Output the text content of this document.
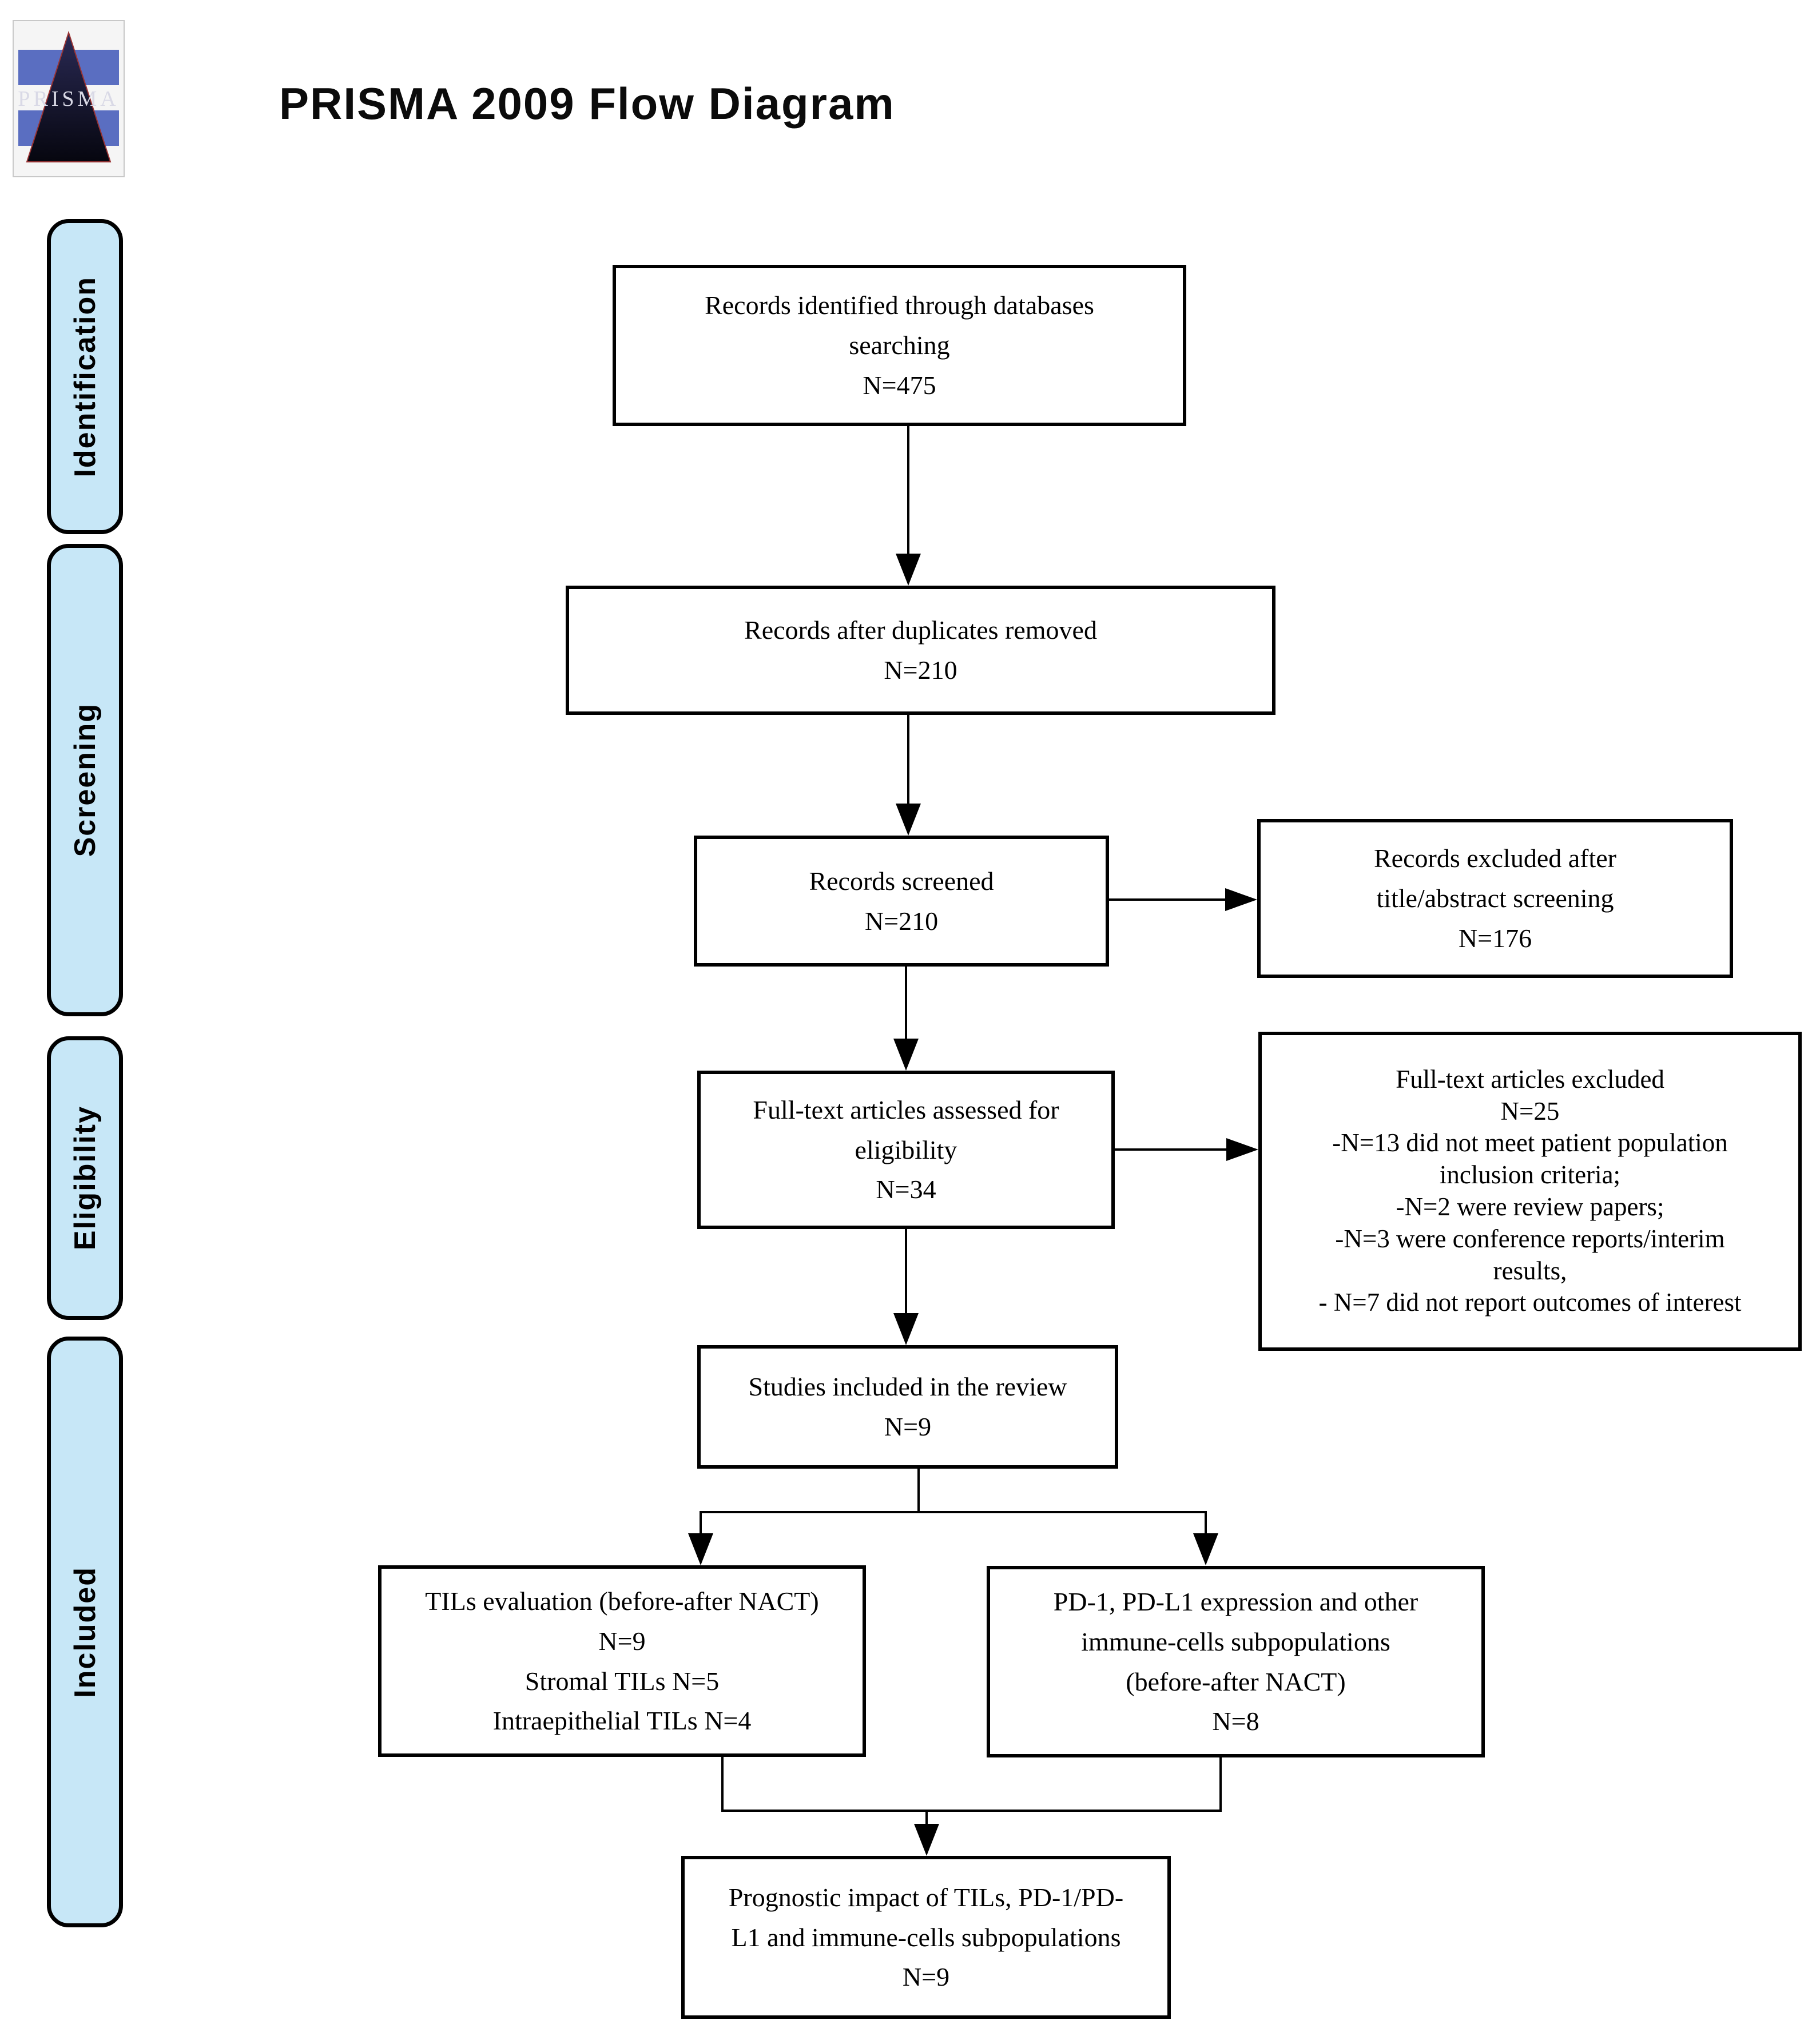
PRISMA	PRISMA 2009 Flow Diagram
Identification
Screening
Eligibility
Included
Records identified through databases
searching
N=475
Records after duplicates removed
N=210
Records screened
N=210
Records excluded after
title/abstract screening
N=176
Full-text articles assessed for
eligibility
N=34
Full-text articles excluded
N=25
-N=13 did not meet patient population
inclusion criteria;
-N=2 were review papers;
-N=3 were conference reports/interim
results,
- N=7 did not report outcomes of interest
Studies included in the review
N=9
TILs evaluation (before-after NACT)
N=9
Stromal TILs N=5
Intraepithelial TILs N=4
PD-1, PD-L1 expression and other
immune-cells subpopulations
(before-after NACT)
N=8
Prognostic impact of TILs, PD-1/PD-
L1 and immune-cells subpopulations
N=9
